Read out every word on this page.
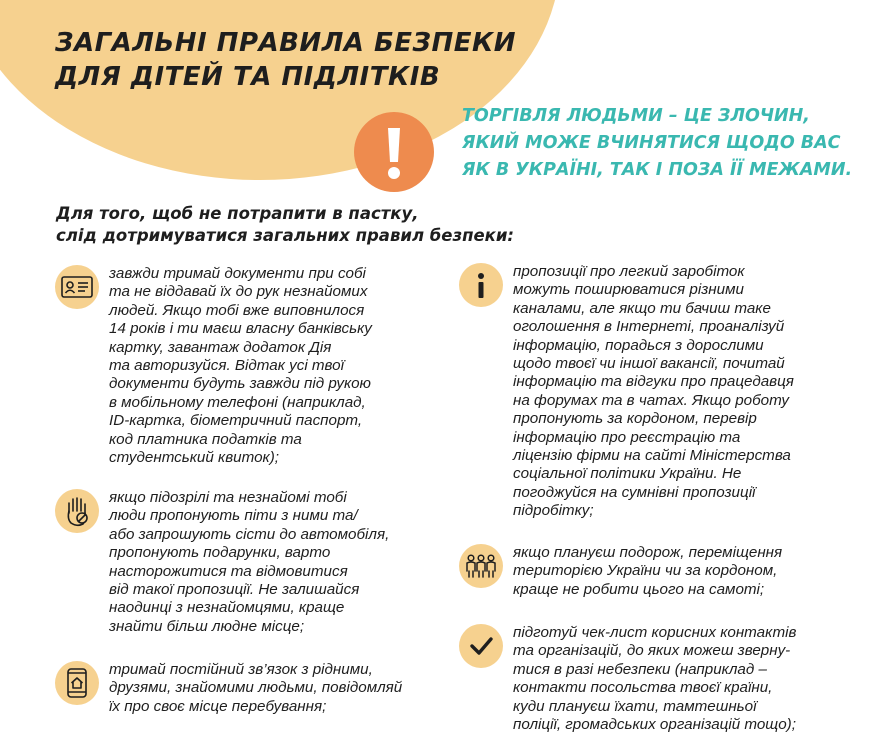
ЗАГАЛЬНІ ПРАВИЛА БЕЗПЕКИ
ДЛЯ ДІТЕЙ ТА ПІДЛІТКІВ

ТОРГІВЛЯ ЛЮДЬМИ – ЦЕ ЗЛОЧИН,
ЯКИЙ МОЖЕ ВЧИНЯТИСЯ ЩОДО ВАС
ЯК В УКРАЇНІ, ТАК І ПОЗА ЇЇ МЕЖАМИ.

Для того, щоб не потрапити в пастку,
слід дотримуватися загальних правил безпеки:

завжди тримай документи при собі
та не віддавай їх до рук незнайомих
людей. Якщо тобі вже виповнилося
14 років і ти маєш власну банківську
картку, завантаж додаток Дія
та авторизуйся. Відтак усі твої
документи будуть завжди під рукою
в мобільному телефоні (наприклад,
ID-картка, біометричний паспорт,
код платника податків та
студентський квиток);
якщо підозрілі та незнайомі тобі
люди пропонують піти з ними та/
або запрошують сісти до автомобіля,
пропонують подарунки, варто
насторожитися та відмовитися
від такої пропозиції. Не залишайся
наодинці з незнайомцями, краще
знайти більш людне місце;
тримай постійний зв’язок з рідними,
друзями, знайомими людьми, повідомляй
їх про своє місце перебування;
пропозиції про легкий заробіток
можуть поширюватися різними
каналами, але якщо ти бачиш таке
оголошення в Інтернеті, проаналізуй
інформацію, порадься з дорослими
щодо твоєї чи іншої вакансії, почитай
інформацію та відгуки про працедавця
на форумах та в чатах. Якщо роботу
пропонують за кордоном, перевір
інформацію про реєстрацію та
ліцензію фірми на сайті Міністерства
соціальної політики України. Не
погоджуйся на сумнівні пропозиції
підробітку;
якщо плануєш подорож, переміщення
територією України чи за кордоном,
краще не робити цього на самоті;
підготуй чек-лист корисних контактів
та організацій, до яких можеш зверну-
тися в разі небезпеки (наприклад –
контакти посольства твоєї країни,
куди плануєш їхати, тамтешньої
поліції, громадських організацій тощо);
